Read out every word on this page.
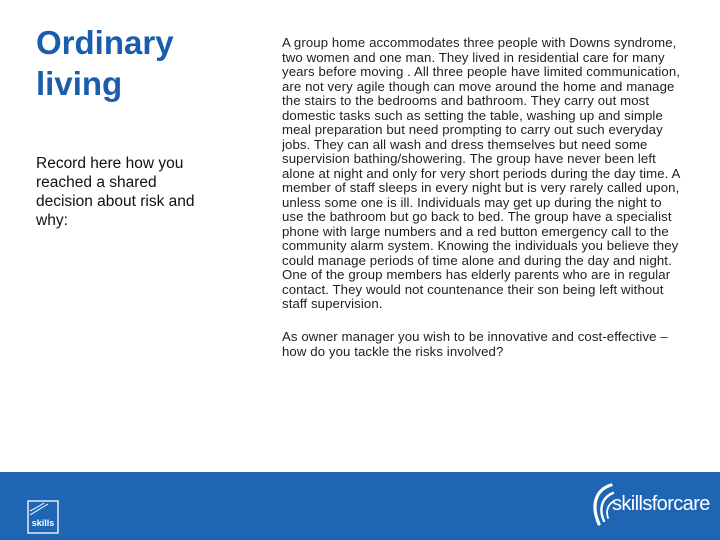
Ordinary
living

Record here how you
reached a shared
decision about risk and
why:

A group home accommodates three people with Downs syndrome, two women and one man. They lived in residential care for many years before moving . All three people have limited communication, are not very agile though can move around the home and manage the stairs to the bedrooms and bathroom. They carry out most domestic tasks such as setting the table, washing up and simple meal preparation but need prompting to carry out such everyday jobs. They can all wash and dress themselves but need some supervision bathing/showering. The group have never been left alone at night and only for very short periods during the day time. A member of staff sleeps in every night but is very rarely called upon, unless some one is ill. Individuals may get up during the night to use the bathroom but go back to bed. The group have a specialist phone with large numbers and a red button emergency call to the community alarm system. Knowing the individuals you believe they could manage periods of time alone and during the day and night. One of the group members has elderly parents who are in regular contact. They would not countenance their son being left without staff supervision.

As owner manager you wish to be innovative and cost-effective – how do you tackle the risks involved?

skills
skillsforcare
